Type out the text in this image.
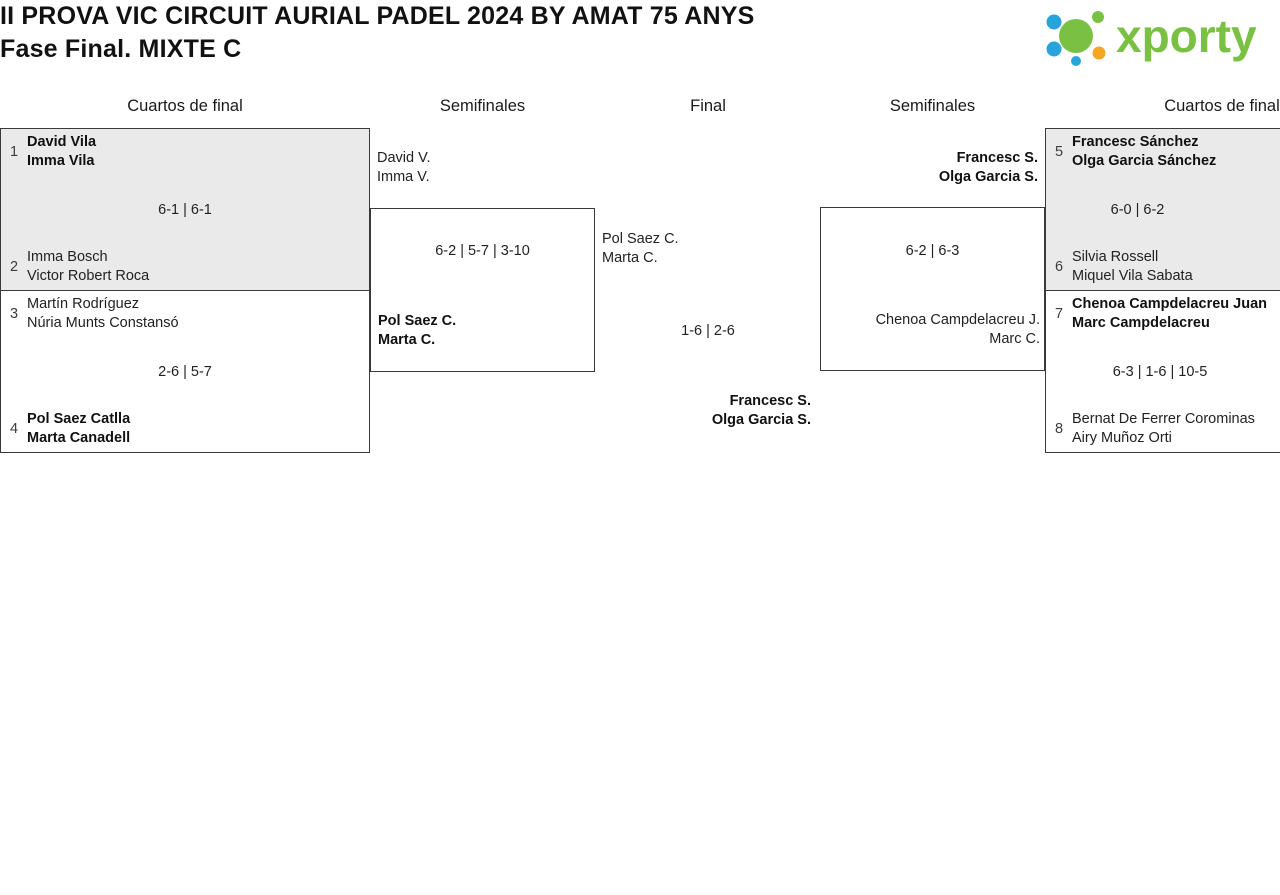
II PROVA VIC CIRCUIT AURIAL PADEL 2024 BY AMAT 75 ANYS
Fase Final. MIXTE C	xporty
Cuartos de final	Semifinales	Final	Semifinales	Cuartos de final
1
David Vila
Imma Vila
6-1 | 6-1
2
Imma Bosch
Victor Robert Roca
3
Martín Rodríguez
Núria Munts Constansó
2-6 | 5-7
4
Pol Saez Catlla
Marta Canadell
David V.
Imma V.
6-2 | 5-7 | 3-10
Pol Saez C.
Marta C.
Pol Saez C.
Marta C.
1-6 | 2-6
Francesc S.
Olga Garcia S.
Francesc S.
Olga Garcia S.
6-2 | 6-3
Chenoa Campdelacreu J.
Marc C.
5
Francesc Sánchez
Olga Garcia Sánchez
6-0 | 6-2
6
Silvia Rossell
Miquel Vila Sabata
7
Chenoa Campdelacreu Juan
Marc Campdelacreu
6-3 | 1-6 | 10-5
8
Bernat De Ferrer Corominas
Airy Muñoz Orti
